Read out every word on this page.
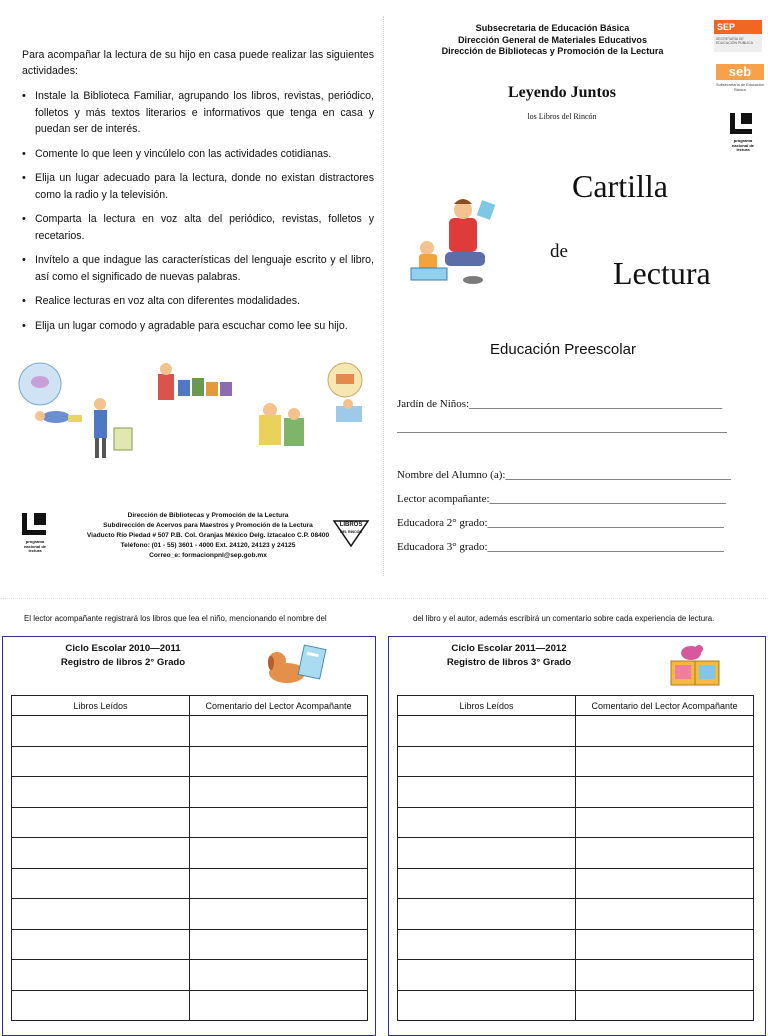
Para acompañar la lectura de su hijo en casa puede realizar las siguientes actividades:
• Instale la Biblioteca Familiar, agrupando los libros, revistas, periódico, folletos y más textos literarios e informativos que tenga en casa y puedan ser de interés.
• Comente lo que leen y vincúlelo con las actividades cotidianas.
• Elija un lugar adecuado para la lectura, donde no existan distractores como la radio y la televisión.
• Comparta la lectura en voz alta del periódico, revistas, folletos y recetarios.
• Invítelo a que indague las características del lenguaje escrito y el libro, así como el significado de nuevas palabras.
• Realice lecturas en voz alta con diferentes modalidades.
• Elija un lugar comodo y agradable para escuchar como lee su hijo.
programa
nacional de
lectura
Dirección de Bibliotecas y Promoción de la Lectura
Subdirección de Acervos para Maestros y Promoción de la Lectura
Viaducto Río Piedad # 507 P.B. Col. Granjas México Delg. Iztacalco C.P. 08400
Teléfono: (01 - 55) 3601 - 4000 Ext. 24120, 24123 y 24125
Correo_e: formacionpnl@sep.gob.mx
LIBROS
DEL RINCÓN
Subsecretaria de Educación Básica
Dirección General de Materiales Educativos
Dirección de Bibliotecas y Promoción de la Lectura
SEP
SECRETARÍA DE EDUCACIÓN PÚBLICA
seb
Subsecretaría de Educación Básica
programa
nacional de
lectura
Leyendo Juntos
los Libros del Rincón
Cartilla
de
Lectura
Educación Preescolar
Jardín de Niños:______________________________________________
____________________________________________________________
Nombre del Alumno (a):_________________________________________
Lector acompañante:___________________________________________
Educadora 2° grado:___________________________________________
Educadora 3° grado:___________________________________________
El lector acompañante registrará los libros que lea el niño, mencionando el nombre del	del libro y el autor, además escribirá un comentario sobre cada experiencia de lectura.
Ciclo Escolar 2010—2011
Registro de libros 2° Grado
Libros Leídos	Comentario del Lector Acompañante

Ciclo Escolar 2011—2012
Registro de libros 3° Grado
Libros Leídos	Comentario del Lector Acompañante
